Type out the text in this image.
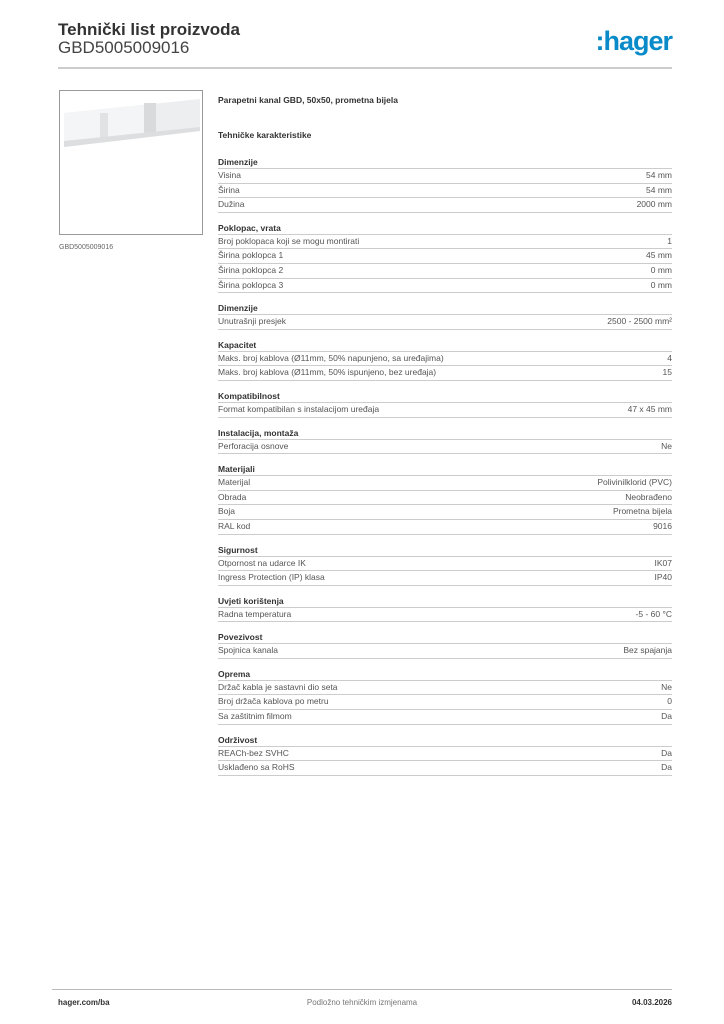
Tehnički list proizvoda
GBD5005009016	:hager
GBD5005009016
Parapetni kanal GBD, 50x50, prometna bijela
Tehničke karakteristike
Dimenzije
Visina	54 mm
Širina	54 mm
Dužina	2000 mm
Poklopac, vrata
Broj poklopaca koji se mogu montirati	1
Širina poklopca 1	45 mm
Širina poklopca 2	0 mm
Širina poklopca 3	0 mm
Dimenzije
Unutrašnji presjek	2500 - 2500 mm²
Kapacitet
Maks. broj kablova (Ø11mm, 50% napunjeno, sa uređajima)	4
Maks. broj kablova (Ø11mm, 50% ispunjeno, bez uređaja)	15
Kompatibilnost
Format kompatibilan s instalacijom uređaja	47 x 45 mm
Instalacija, montaža
Perforacija osnove	Ne
Materijali
Materijal	Polivinilklorid (PVC)
Obrada	Neobrađeno
Boja	Prometna bijela
RAL kod	9016
Sigurnost
Otpornost na udarce IK	IK07
Ingress Protection (IP) klasa	IP40
Uvjeti korištenja
Radna temperatura	-5 - 60 °C
Povezivost
Spojnica kanala	Bez spajanja
Oprema
Držač kabla je sastavni dio seta	Ne
Broj držača kablova po metru	0
Sa zaštitnim filmom	Da
Održivost
REACh-bez SVHC	Da
Usklađeno sa RoHS	Da
hager.com/ba	Podložno tehničkim izmjenama	04.03.2026
